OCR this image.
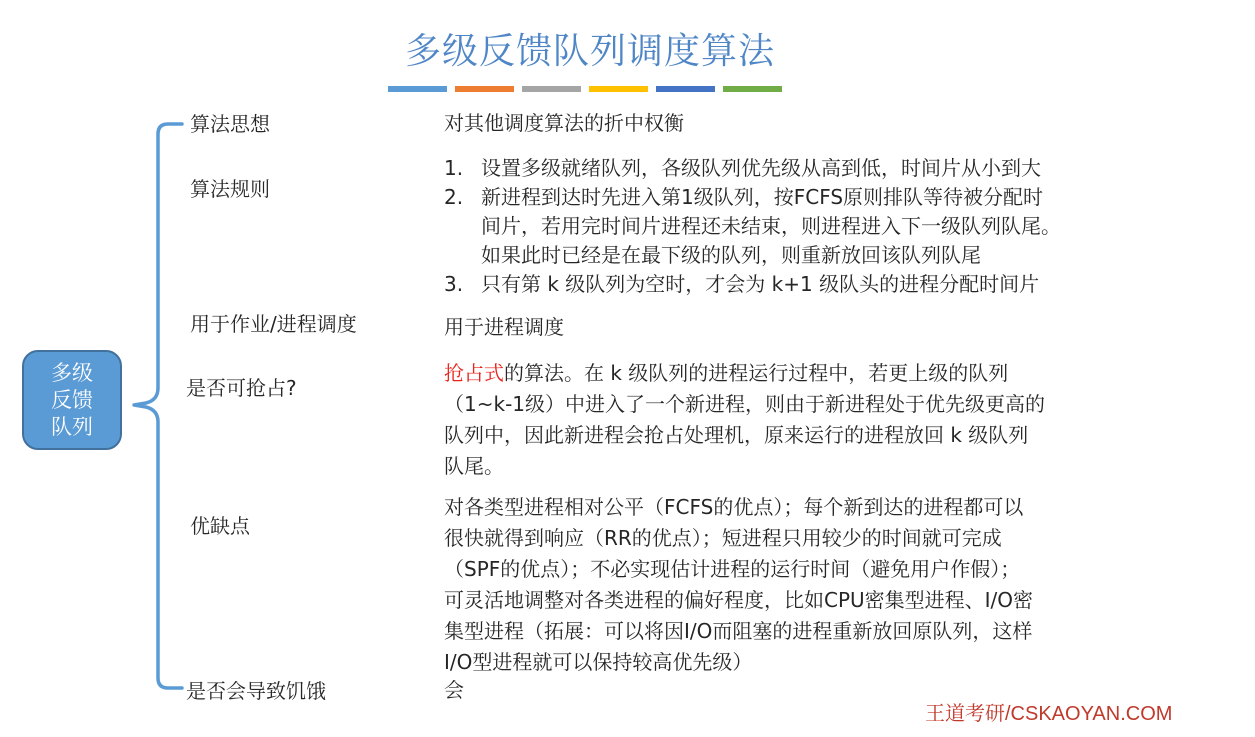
多级反馈队列调度算法
多级
反馈
队列
算法思想	对其他调度算法的折中权衡
算法规则
1. 设置多级就绪队列，各级队列优先级从高到低，时间片从小到大
2. 新进程到达时先进入第1级队列，按FCFS原则排队等待被分配时
间片，若用完时间片进程还未结束，则进程进入下一级队列队尾。
如果此时已经是在最下级的队列，则重新放回该队列队尾
3. 只有第 k 级队列为空时，才会为 k+1 级队头的进程分配时间片
用于作业/进程调度	用于进程调度
是否可抢占?
抢占式的算法。在 k 级队列的进程运行过程中，若更上级的队列
（1~k-1级）中进入了一个新进程，则由于新进程处于优先级更高的
队列中，因此新进程会抢占处理机，原来运行的进程放回 k 级队列
队尾。
优缺点
对各类型进程相对公平（FCFS的优点）；每个新到达的进程都可以
很快就得到响应（RR的优点）；短进程只用较少的时间就可完成
（SPF的优点）；不必实现估计进程的运行时间（避免用户作假）；
可灵活地调整对各类进程的偏好程度，比如CPU密集型进程、I/O密
集型进程（拓展：可以将因I/O而阻塞的进程重新放回原队列，这样
I/O型进程就可以保持较高优先级）
是否会导致饥饿	会
王道考研/CSKAOYAN.COM
